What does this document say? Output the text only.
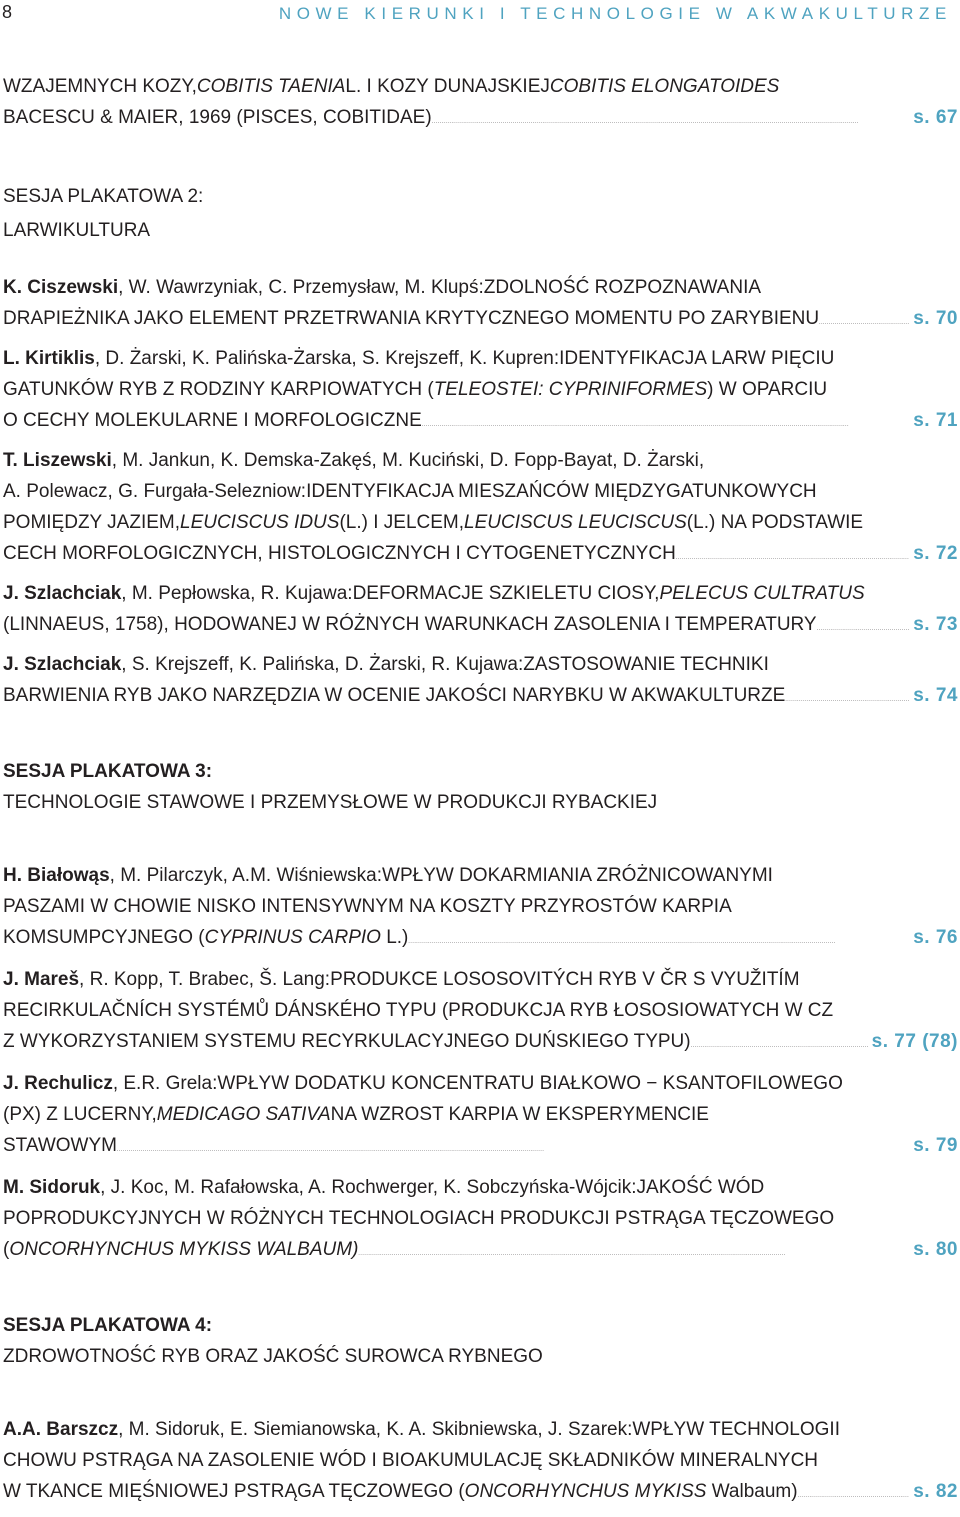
8	NOWE KIERUNKI I TECHNOLOGIE W AKWAKULTURZE
WZAJEMNYCH KOZY, COBITIS TAENIA L. I KOZY DUNAJSKIEJ COBITIS ELONGATOIDES
BACESCU & MAIER, 1969 (PISCES, COBITIDAE) . . .	s. 67
SESJA PLAKATOWA 2:
LARWIKULTURA
K. Ciszewski , W. Wawrzyniak, C. Przemysław, M. Klupś: ZDOLNOŚĆ ROZPOZNAWANIA
DRAPIEŻNIKA JAKO ELEMENT PRZETRWANIA KRYTYCZNEGO MOMENTU PO ZARYBIENU . . .	s. 70
L. Kirtiklis , D. Żarski, K. Palińska-Żarska, S. Krejszeff, K. Kupren: IDENTYFIKACJA LARW PIĘCIU
GATUNKÓW RYB Z RODZINY KARPIOWATYCH ( TELEOSTEI: CYPRINIFORMES ) W OPARCIU
O CECHY MOLEKULARNE I MORFOLOGICZNE . . .	s. 71
T. Liszewski , M. Jankun, K. Demska-Zakęś, M. Kuciński, D. Fopp-Bayat, D. Żarski,
A. Polewacz, G. Furgała-Selezniow: IDENTYFIKACJA MIESZAŃCÓW MIĘDZYGATUNKOWYCH
POMIĘDZY JAZIEM, LEUCISCUS IDUS (L.) I JELCEM, LEUCISCUS LEUCISCUS (L.) NA PODSTAWIE
CECH MORFOLOGICZNYCH, HISTOLOGICZNYCH I CYTOGENETYCZNYCH . . .	s. 72
J. Szlachciak , M. Pepłowska, R. Kujawa: DEFORMACJE SZKIELETU CIOSY, PELECUS CULTRATUS
(LINNAEUS, 1758), HODOWANEJ W RÓŻNYCH WARUNKACH ZASOLENIA I TEMPERATURY . . .	s. 73
J. Szlachciak , S. Krejszeff, K. Palińska, D. Żarski, R. Kujawa: ZASTOSOWANIE TECHNIKI
BARWIENIA RYB JAKO NARZĘDZIA W OCENIE JAKOŚCI NARYBKU W AKWAKULTURZE . . .	s. 74
SESJA PLAKATOWA 3:
TECHNOLOGIE STAWOWE I PRZEMYSŁOWE W PRODUKCJI RYBACKIEJ
H. Białowąs , M. Pilarczyk, A.M. Wiśniewska: WPŁYW DOKARMIANIA ZRÓŻNICOWANYMI
PASZAMI W CHOWIE NISKO INTENSYWNYM NA KOSZTY PRZYROSTÓW KARPIA
KOMSUMPCYJNEGO (CYPRINUS CARPIO L.) . . .	s. 76
J. Mareš , R. Kopp, T. Brabec, Š. Lang: PRODUKCE LOSOSOVITÝCH RYB V ČR S VYUŽITÍM
RECIRKULAČNÍCH SYSTÉMŮ DÁNSKÉHO TYPU (PRODUKCJA RYB ŁOSOSIOWATYCH W CZ
Z WYKORZYSTANIEM SYSTEMU RECYRKULACYJNEGO DUŃSKIEGO TYPU) . . .	s. 77 (78)
J. Rechulicz , E.R. Grela: WPŁYW DODATKU KONCENTRATU BIAŁKOWO − KSANTOFILOWEGO
(PX) Z LUCERNY, MEDICAGO SATIVA NA WZROST KARPIA W EKSPERYMENCIE
STAWOWYM . . .	s. 79
M. Sidoruk , J. Koc, M. Rafałowska, A. Rochwerger, K. Sobczyńska-Wójcik: JAKOŚĆ WÓD
POPRODUKCYJNYCH W RÓŻNYCH TECHNOLOGIACH PRODUKCJI PSTRĄGA TĘCZOWEGO
(ONCORHYNCHUS MYKISS WALBAUM) . . .	s. 80
SESJA PLAKATOWA 4:
ZDROWOTNOŚĆ RYB ORAZ JAKOŚĆ SUROWCA RYBNEGO
A.A. Barszcz , M. Sidoruk, E. Siemianowska, K. A. Skibniewska, J. Szarek: WPŁYW TECHNOLOGII
CHOWU PSTRĄGA NA ZASOLENIE WÓD I BIOAKUMULACJĘ SKŁADNIKÓW MINERALNYCH
W TKANCE MIĘŚNIOWEJ PSTRĄGA TĘCZOWEGO (ONCORHYNCHUS MYKISS Walbaum) . . .	s. 82
